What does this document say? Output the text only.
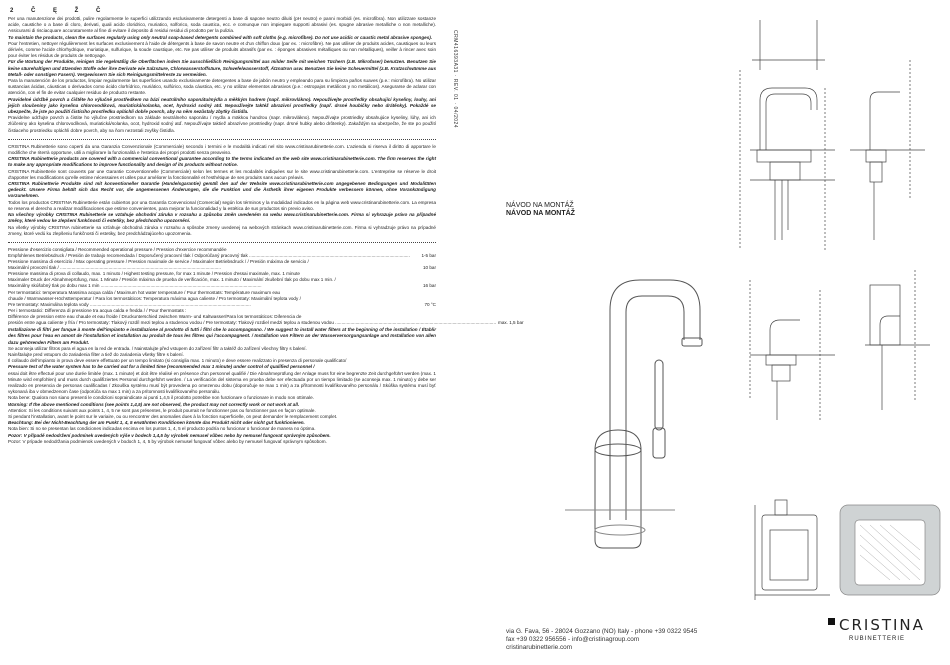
2 Č Ę Ž Č

Per una manutenzione dei prodotti, pulire regolarmente le superfici utilizzando esclusivamente detergenti a base di sapone neutro diluiti (pH neutro) e panni morbidi (es. microfibra). Non utilizzare sostanze acide, caustiche o a base di cloro, derivati, quali acido cloridrico, muriatico, solforico, soda caustica, ecc. e comunque non impiegare supporti abrasivi (es. spugne abrasive metalliche o non metalliche). Assicurarsi di risciacquare accuratamente al fine di evitare il deposito di residui residui di prodotto per la pulizia.

To maintain the products, clean the surfaces regularly using only neutral soap-based detergents combined with soft cloths (e.g. microfibre). Do not use acidic or caustic metal abrasive sponges).

Pour l'entretien, nettoyer régulièrement les surfaces exclusivement à l'aide de détergents à base de savon neutre et d'un chiffon doux (par ex. : microfibre). Ne pas utiliser de produits acides, caustiques ou leurs dérivés, comme l'acide chlorhydrique, muriatique, sulfurique, la soude caustique, etc. Ne pas utiliser de produits abrasifs (par ex. : éponges abrasives métalliques ou non métalliques), veiller à rincer avec soin pour éviter les résidus de produits de nettoyage.

Für die Wartung der Produkte, reinigen Sie regelmäßig die Oberflächen indem Sie ausschließlich Reinigungsmittel aus milder Seife mit weichen Tüchern (z.B. Mikrofaser) benutzen. Benutzen Sie keine säurehaltigen und ätzenden Stoffe oder ihre Derivate wie Salzsäure, Chlorwasserstoffsäure, Schwefelwasserstoff, Ätznatron usw. Benutzen Sie keine Scheuermittel (z.B. Kratzschwämme aus Metall- oder sonstigen Fasern). Vergewissern Sie sich Reinigungsmittelreste zu vermeiden.

Para la manutención de los productos, limpiar regularmente las superficies usando exclusivamente detergentes a base de jabón neutro y empleando para su limpieza paños suaves (p.e.: microfibra). No utilizar sustancias ácidas, cáusticas o derivados como ácido clorhídrico, muriático, sulfúrico, soda cáustica, etc. y no utilizar elementos abrasivos (p.e.: estropajos metálicos y no metálicos). Asegurarse de aclarar con atención, con el fin de evitar cualquier residuo de producto restante.

Pravidelné údržbě povrch a čištěte ho výlučně prostředkem na bázi neutrálního saponátu/mýdla a měkkým hadrem (např. mikrovlákno). Nepoužívejte prostředky obsahující kyseliny, louhy, ani jejich sloučeniny jako kyselina chlorovodíková, muriatická/solanka, ocet, hydroxid sodný atd. Nepoužívejte taktéž abrazivní prostředky (např. drsné houbičky nebo drátěnky). Pokaždé se ubezpečte, že jste po použití čisticího prostředku opláchli dobře povrch, aby na něm nezůstaly zbytky čistidla.

Pravidelne udržujte povrch a čistite ho výlučne prostriedkom na základe neutrálneho saponátu / mydla a mäkkou handrou (napr. mikrovlákno). Nepoužívajte prostriedky obsahujúce kyseliny, lúhy, ani ich zlúčeniny ako kyselina chlorovodíková, muriatická/solanka, ocot, hydroxid sodný atď. Nepoužívajte taktiež abrazívne prostriedky (napr. drsné hubky alebo drôtenky). Zakaždým sa ubezpečte, že ste po použití čistiaceho prostriedku opláchli dobre povrch, aby na ňom nezostali zvyšky čistidla.

CRISTINA Rubinetterie sono coperti da una Garanzia Convenzionale (Commerciale) secondo i termini e le modalità indicati nel sito www.cristinarubinetterie.com. L'azienda si riserva il diritto di apportare le modifiche che riterrà opportune, utili a migliorare la funzionalità e l'estetica dei propri prodotti senza preavviso.

CRISTINA Rubinetterie products are covered with a commercial conventional guarantee according to the terms indicated on the web site www.cristinarubinetterie.com. The firm reserves the right to make any appropriate modifications to improve functionality and design of its products without notice.

CRISTINA Rubinetterie sont couverts par une Garantie Conventionnelle (Commerciale) selon les termes et les modalités indiquées sur le site www.cristinarubinetterie.com. L'entreprise se réserve le droit d'apporter les modifications qu'elle estime nécessaires et utiles pour améliorer la fonctionnalité et l'esthétique de ses produits sans aucun préavis.

CRISTINA Rubinetterie Produkte sind mit konventioneller Garantie (Handelsgarantie) gemäß den auf der Website www.cristinarubinetterie.com angegebenen Bedingungen und Modalitäten gedeckt. Unsere Firma behält sich das Recht vor, die angemessenen Änderungen, die die Funktion und die Ästhetik ihrer eigenen Produkte verbessern können, ohne Vorankündigung vorzunehmen.

Todos los productos CRISTINA Rubinetterie están cubiertos por una Garantía Convencional (Comercial) según los términos y la modalidad indicados en la página web www.cristinarubinetterie.com. La empresa se reserva el derecho a realizar modificaciones que estime convenientes, para mejorar la funcionalidad y la estética de sus productos sin previo aviso.

Na všechny výrobky CRISTINA Rubinetterie se vztahuje obchodní záruka v rozsahu a způsobu změn uvedeném na webu www.cristinarubinetterie.com. Firma si vyhrazuje právo na případné změny, které vedou ke zlepšení funkčnosti či estetiky, bez předchozího upozornění.

Na všetky výrobky CRISTINA rubinetterie sa vzťahuje obchodná záruka v rozsahu a spôsobe zmeny uvedenej na webových stránkach www.cristinarubinetterie.com. Firma si vyhradzuje právo na prípadné zmeny, ktoré vedú ku zlepšeniu funkčnosti či estetiky, bez predchádzajúceho upozornenia.

Pressione d'esercizio consigliata / Recommended operational pressure / Pression d'exercice recommandée
Empfohlenes Betriebsdruck / Presión de trabajo recomendada / Doporučený pracovní tlak / Odporúčaný pracovný tlak ..............................................................................................................................	1-5 bar
Pressione massima di esercizio / Max operating pressure / Pression maximale de service / Maximaler Betriebsdruck / / Presión máxima de servicio /
Maximální provozní tlak / ..............................................................................................................................	10 bar
Pressione massima di prova di collaudo, max. 1 minuto / Highest testing pressure, for max 1 minute / Pression d'essai maximale, max. 1 minute
Maximaler Druck der Abnahmeprüfung, max. 1 Minute / Presión máxima de prueba de verificación, max. 1 minuto / Maximální zkušební tlak po dobu max 1 min. /
Maximálny skúšobný tlak po dobu max 1 min ..............................................................................................................................	16 bar
Per termostatici: temperatura Massima acqua calda / Maximum hot water temperature / Pour thermostats: Température maximum eau
chaude / Warmwasser-Höchsttemperatur / Para los termostáticos: Temperatura máxima agua caliente / Pro termostaty: Maximální teplota vody /
Pre termostaty: Maximálna teplota vody ..............................................................................................................................	70 °C
Per i termostatici: Differenza di pressione tra acqua calda e fredda / / Pour thermostats :
Différence de pression entre eau chaude et eau froide / Druckunterschied zwischen Warm- und Kaltwasser/Para los termostáticos: Diferencia de
presión entre agua caliente y fría / Pro termostaty: Tlakový rozdíl mezi teplou a studenou vodou / Pre termostaty: Tlakový rozdiel medzi teplou a studenou vodou .............................................................................................................................. max. 1,5 bar

Installazione di filtri per fanque à monte dell'impianto e installazione al prodotto di tutti i filtri che lo accompagnano. / We suggest to install water filters at the beginning of the installation / Établir des filtres pour l'eau en amont de l'installation et installation au produit de tous les filtres qui l'accompagnent. / Installation von Filtern an der Wasserversorgungsanlage und Installation von allen dazu gehörenden Filtern am Produkt.

Se aconseja utilizar filtros para el agua en la red de entrada. / Nainstalujte před vstupem do zařízení filtr a taktéž do zařízení všechny filtry s balení.

Nainštalujte pred vstupom do zariadenia filter a tiež do zariadenia všetky filtre s balení.

Il collaudo dell'impianto in prova deve essere effettuato per un tempo limitato (si consiglia max. 1 minuto) e deve essere realizzato in presenza di personale qualificato/

Pressure test of the water system has to be carried out for a limited time (recommended max 1 minute) under control of qualified personnel /

essai doit être effectué pour une durée limitée (max. 1 minute) et doit être réalisé en présence d'un personnel qualifié / Die Abnahmeprüfung der Anlage muss für eine begrenzte Zeit durchgeführt werden (max. 1 Minute wird empfohlen) und muss durch qualifiziertes Personal durchgeführt werden. / La verificación del sistema en prueba debe ser efectuada por un tiempo limitado (se aconseja max. 1 minuto) y debe ser realizado en presencia de personas cualificadas / Zkouška systému musí být provedena po omezenou dobu (doporučuje se max 1 min) a za přítomnosti kvalifikovaného personálu / Skúška systému musí byť vykonaná iba v obmedzenom čase (odporúča sa max 1 min) a za prítomnosti kvalifikovaného personálu.

Nota bene: Qualora non siano presenti le condizioni sopraindicate ai punti 1,4,5 il prodotto potrebbe non funzionare o funzionare in modo non ottimale.

Warning: If the above mentioned conditions (see points 1,4,5) are not observed, the product may not correctly work or not work at all.

Attention: Si les conditions suivant aux points 1, 4, 5 ne sont pas présentes, le produit pourrait ne fonctionner pas ou fonctionner pas en façon optimale.

Si pendant l'installation, avant le point sur le variaire, ou ou rencontrer des anomalies dues à la fonction superficielle, on peut demander le remplacement complet.

Beachtung: Bei der Nicht-Beachtung der am Punkt 1, 4, 5 erwähnten Konditionen könnte das Produkt nicht oder nicht gut funktionieren.

Nota bien: Si no se presentan las condiciones indicadas encima en los puntos 1, 4, 5 el producto podría no funcionar o funcionar de manera no óptima.

Pozor: V případě nedodržení podmínek uvedených výše v bodech 1,4,5 by výrobek nemusel vůbec nebo by nemusel fungovat správným způsobem.

Pozor: V prípade nedodržania podmienok uvedených v bodoch 1, 4, 5 by výrobok nemusel fungovať vôbec alebo by nemusel fungovať správnym spôsobom.

CRM416393A31 · REV. 01 · 04/2024
NÁVOD NA MONTÁŽ
NÁVOD NA MONTÁŽ
via G. Fava, 56 - 28024 Gozzano (NO) Italy - phone +39 0322 9545
fax +39 0322 956556 - info@cristinagroup.com
cristinarubinetterie.com
CRISTINA
RUBINETTERIE
